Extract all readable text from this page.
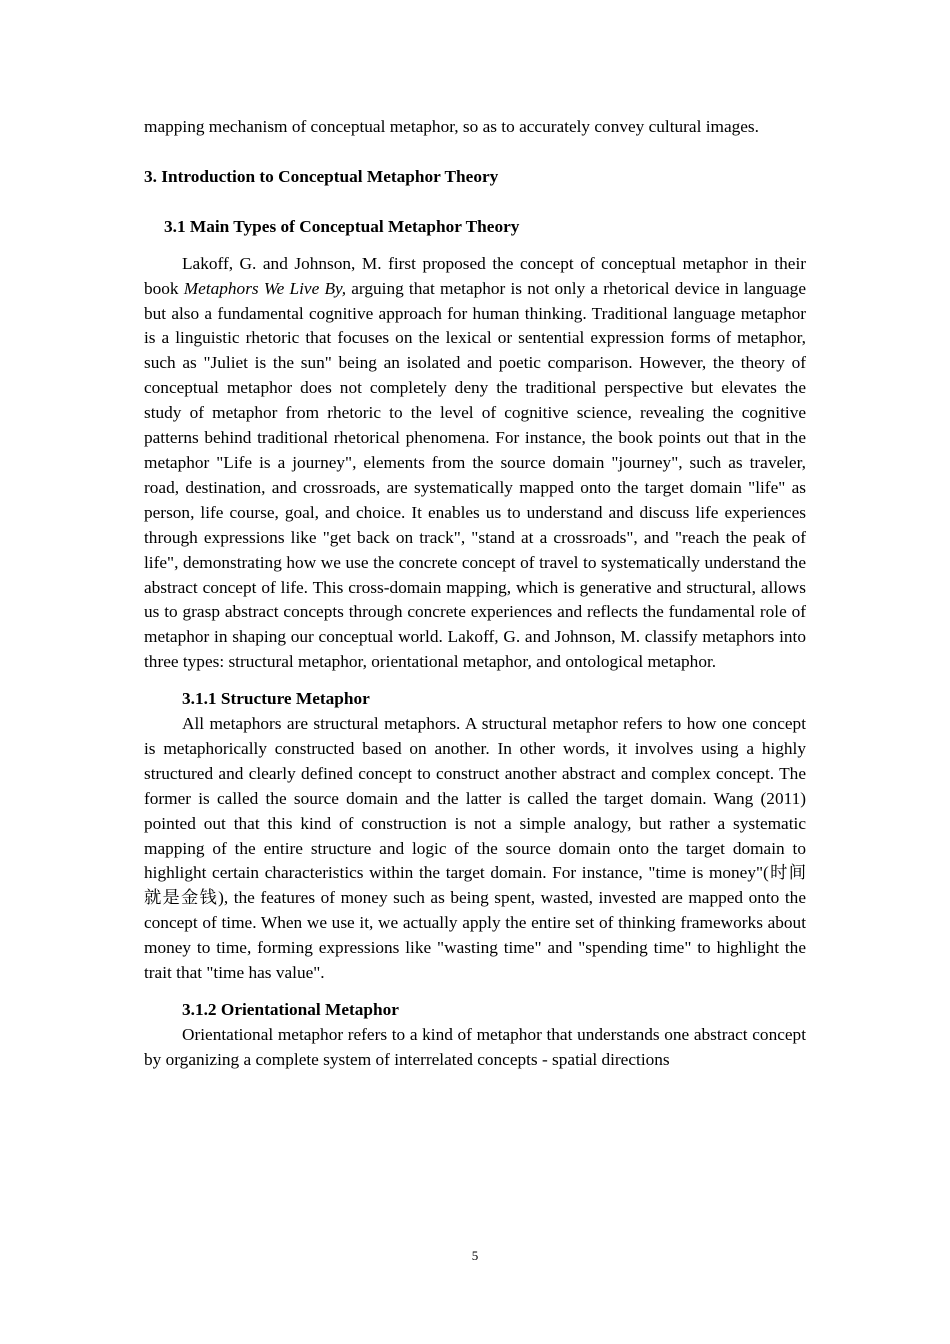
mapping mechanism of conceptual metaphor, so as to accurately convey cultural images.

3. Introduction to Conceptual Metaphor Theory
3.1 Main Types of Conceptual Metaphor Theory

Lakoff, G. and Johnson, M. first proposed the concept of conceptual metaphor in their book Metaphors We Live By, arguing that metaphor is not only a rhetorical device in language but also a fundamental cognitive approach for human thinking. Traditional language metaphor is a linguistic rhetoric that focuses on the lexical or sentential expression forms of metaphor, such as "Juliet is the sun" being an isolated and poetic comparison. However, the theory of conceptual metaphor does not completely deny the traditional perspective but elevates the study of metaphor from rhetoric to the level of cognitive science, revealing the cognitive patterns behind traditional rhetorical phenomena. For instance, the book points out that in the metaphor "Life is a journey", elements from the source domain "journey", such as traveler, road, destination, and crossroads, are systematically mapped onto the target domain "life" as person, life course, goal, and choice. It enables us to understand and discuss life experiences through expressions like "get back on track", "stand at a crossroads", and "reach the peak of life", demonstrating how we use the concrete concept of travel to systematically understand the abstract concept of life. This cross-domain mapping, which is generative and structural, allows us to grasp abstract concepts through concrete experiences and reflects the fundamental role of metaphor in shaping our conceptual world. Lakoff, G. and Johnson, M. classify metaphors into three types: structural metaphor, orientational metaphor, and ontological metaphor.

3.1.1 Structure Metaphor

All metaphors are structural metaphors. A structural metaphor refers to how one concept is metaphorically constructed based on another. In other words, it involves using a highly structured and clearly defined concept to construct another abstract and complex concept. The former is called the source domain and the latter is called the target domain. Wang (2011) pointed out that this kind of construction is not a simple analogy, but rather a systematic mapping of the entire structure and logic of the source domain onto the target domain to highlight certain characteristics within the target domain. For instance, "time is money"(时间就是金钱), the features of money such as being spent, wasted, invested are mapped onto the concept of time. When we use it, we actually apply the entire set of thinking frameworks about money to time, forming expressions like "wasting time" and "spending time" to highlight the trait that "time has value".

3.1.2 Orientational Metaphor

Orientational metaphor refers to a kind of metaphor that understands one abstract concept by organizing a complete system of interrelated concepts - spatial directions

5
